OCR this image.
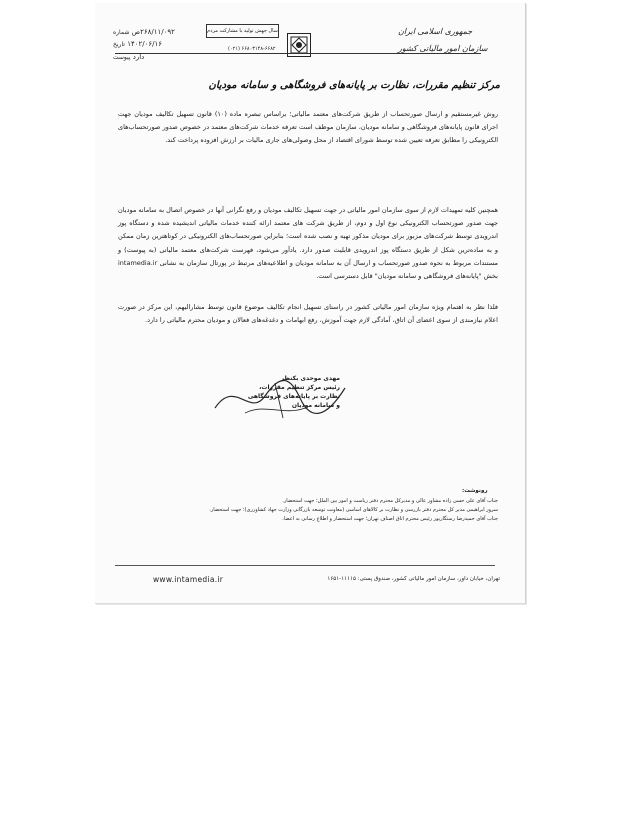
جمهوری اسلامی ایران
سازمان امور مالیاتی کشور
سال جهش تولید با مشارکت مردم
(۰۲۱) ۶۶۸۰۳۱۴۸-۶۶۸۲
۲۶۸/۱۱/۰۹۲ص شماره
۱۴۰۲/۰۶/۱۶ تاریخ
دارد پیوست
مرکز تنظیم مقررات، نظارت بر پایانه‌های فروشگاهی و سامانه مودیان
روش غیرمستقیم و ارسال صورتحساب از طریق شرکت‌های معتمد مالیاتی؛ براساس تبصره ماده (۱۰) قانون تسهیل تکالیف مودیان جهت اجرای قانون پایانه‌های فروشگاهی و سامانه مودیان، سازمان موظف است تعرفه خدمات شرکت‌های معتمد در خصوص صدور صورتحساب‌های الکترونیکی را مطابق تعرفه تعیین شده توسط شورای اقتصاد از محل وصولی‌های جاری مالیات بر ارزش افزوده پرداخت کند.
همچنین کلیه تمهیدات لازم از سوی سازمان امور مالیاتی در جهت تسهیل تکالیف مودیان و رفع نگرانی آنها در خصوص اتصال به سامانه مودیان جهت صدور صورتحساب الکترونیکی نوع اول و دوم، از طریق شرکت های معتمد ارائه کننده خدمات مالیاتی اندیشیده شده و دستگاه پوز اندرویدی توسط شرکت‌های مزبور برای مودیان مذکور تهیه و نصب شده است؛ بنابراین صورتحساب‌های الکترونیکی در کوتاهترین زمان ممکن و به ساده‌ترین شکل از طریق دستگاه پوز اندرویدی قابلیت صدور دارد. یادآور می‌شود، فهرست شرکت‌های معتمد مالیاتی (به پیوست) و مستندات مربوط به نحوه صدور صورتحساب و ارسال آن به سامانه مودیان و اطلاعیه‌های مرتبط در پورتال سازمان به نشانی intamedia.ir بخش "پایانه‌های فروشگاهی و سامانه مودیان" قابل دسترسی است.
فلذا نظر به اهتمام ویژه سازمان امور مالیاتی کشور در راستای تسهیل انجام تکالیف موضوع قانون توسط مشارالیهم، این مرکز در صورت اعلام نیازمندی از سوی اعضای آن اتاق، آمادگی لازم جهت آموزش، رفع ابهامات و دغدغه‌های فعالان و مودیان محترم مالیاتی را دارد.
مهدی موحدی بکنظر
رئیس مرکز تنظیم مقررات،
نظارت بر پایانه‌های فروشگاهی و سامانه مودیان
رونوشت:
جناب آقای علی حسن زاده مشاور عالی و مدیرکل محترم دفتر ریاست و امور بین الملل؛ جهت استحضار.
سرور ابراهیمی مدیر کل محترم دفتر بازرسی و نظارت بر کالاهای اساسی (معاونت توسعه بازرگانی وزارت جهاد کشاورزی)؛ جهت استحضار.
جناب آقای حمیدرضا رستگارپور رئیس محترم اتاق اصناف تهران؛ جهت استحضار و اطلاع رسانی به اعضا.
www.intamedia.ir	تهران، خیابان داور، سازمان امور مالیاتی کشور، صندوق پستی: ۱۱۱۱۵-۱۶۵۱
